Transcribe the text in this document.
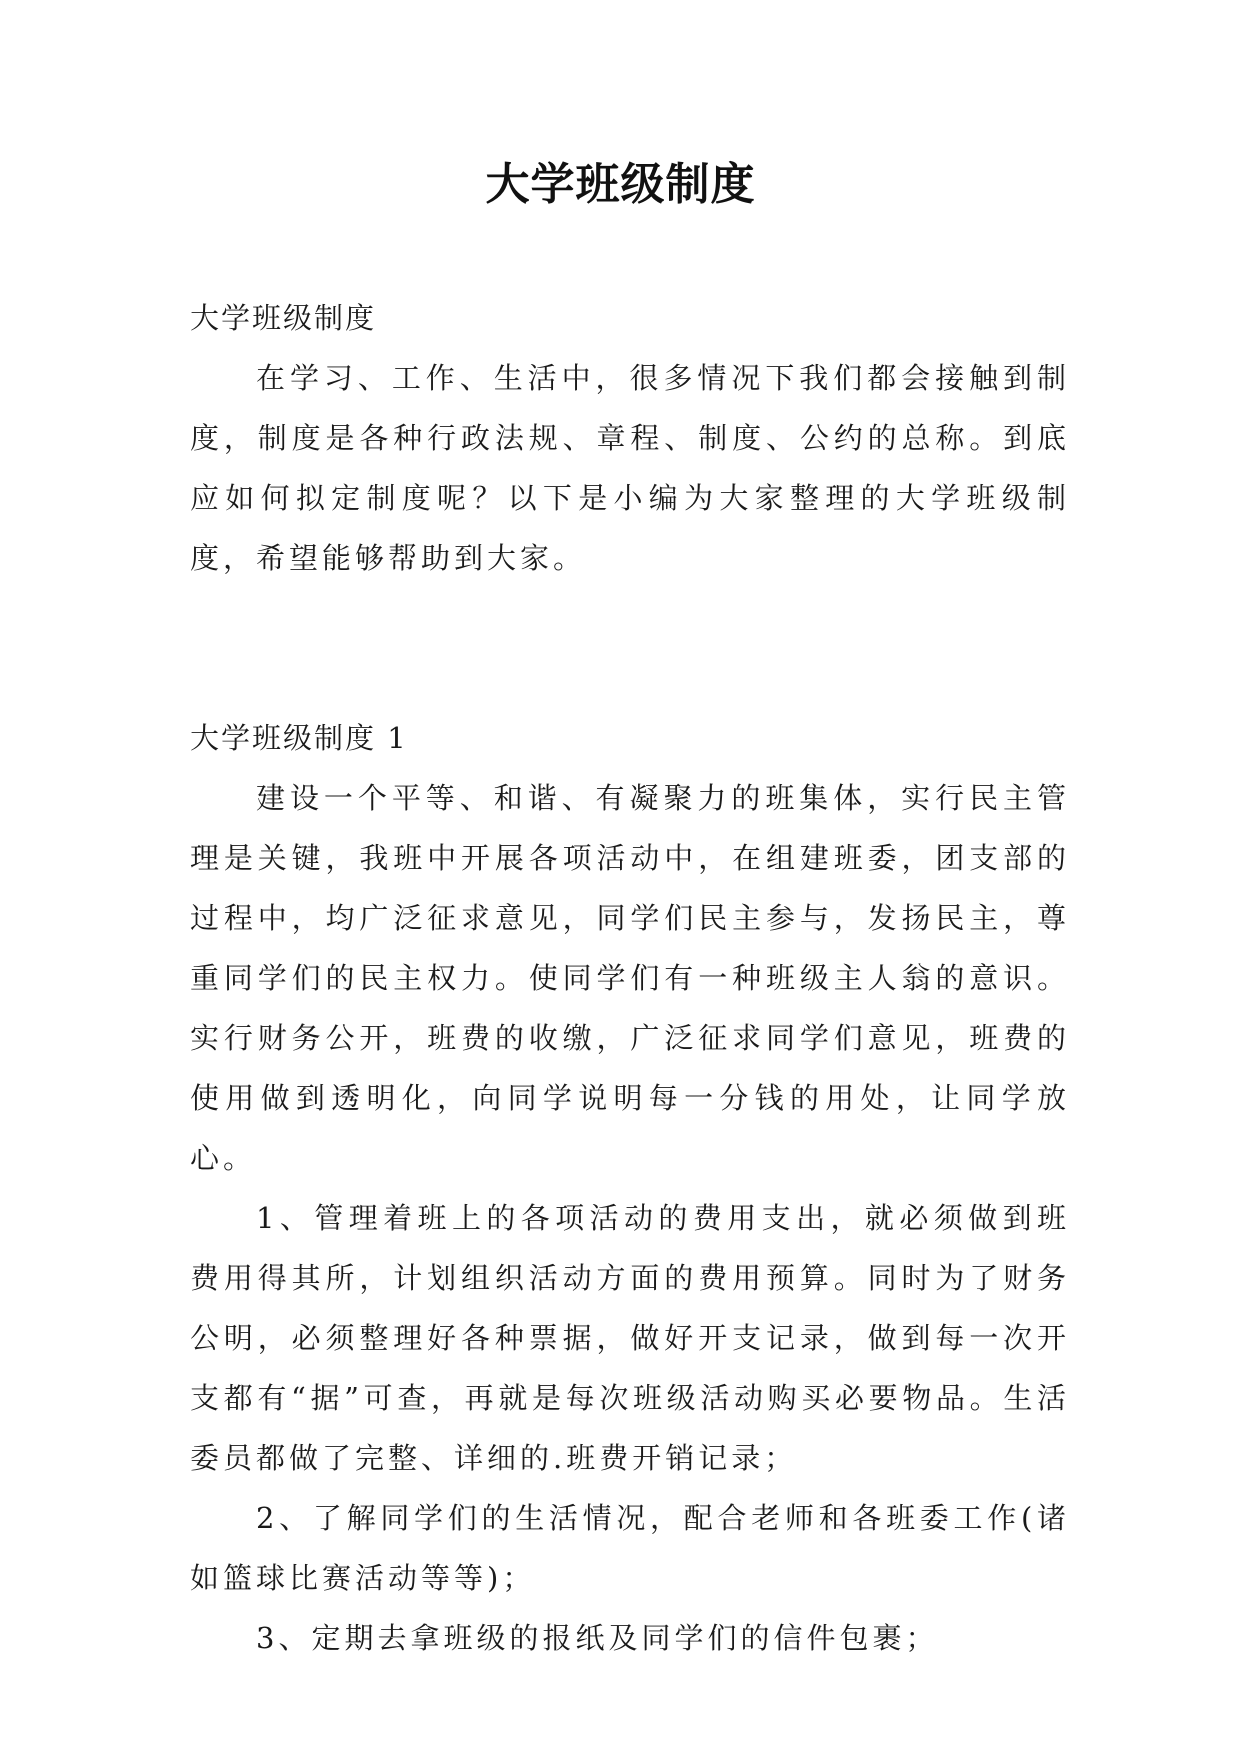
大学班级制度

大学班级制度

在学习、工作、生活中，很多情况下我们都会接触到制度，制度是各种行政法规、章程、制度、公约的总称。到底应如何拟定制度呢？以下是小编为大家整理的大学班级制度，希望能够帮助到大家。

大学班级制度 1

建设一个平等、和谐、有凝聚力的班集体，实行民主管理是关键，我班中开展各项活动中，在组建班委，团支部的过程中，均广泛征求意见，同学们民主参与，发扬民主，尊重同学们的民主权力。使同学们有一种班级主人翁的意识。实行财务公开，班费的收缴，广泛征求同学们意见，班费的使用做到透明化，向同学说明每一分钱的用处，让同学放心。

1、管理着班上的各项活动的费用支出，就必须做到班费用得其所，计划组织活动方面的费用预算。同时为了财务公明，必须整理好各种票据，做好开支记录，做到每一次开支都有“据”可查，再就是每次班级活动购买必要物品。生活委员都做了完整、详细的.班费开销记录；

2、了解同学们的生活情况，配合老师和各班委工作(诸如篮球比赛活动等等)；

3、定期去拿班级的报纸及同学们的信件包裹；
